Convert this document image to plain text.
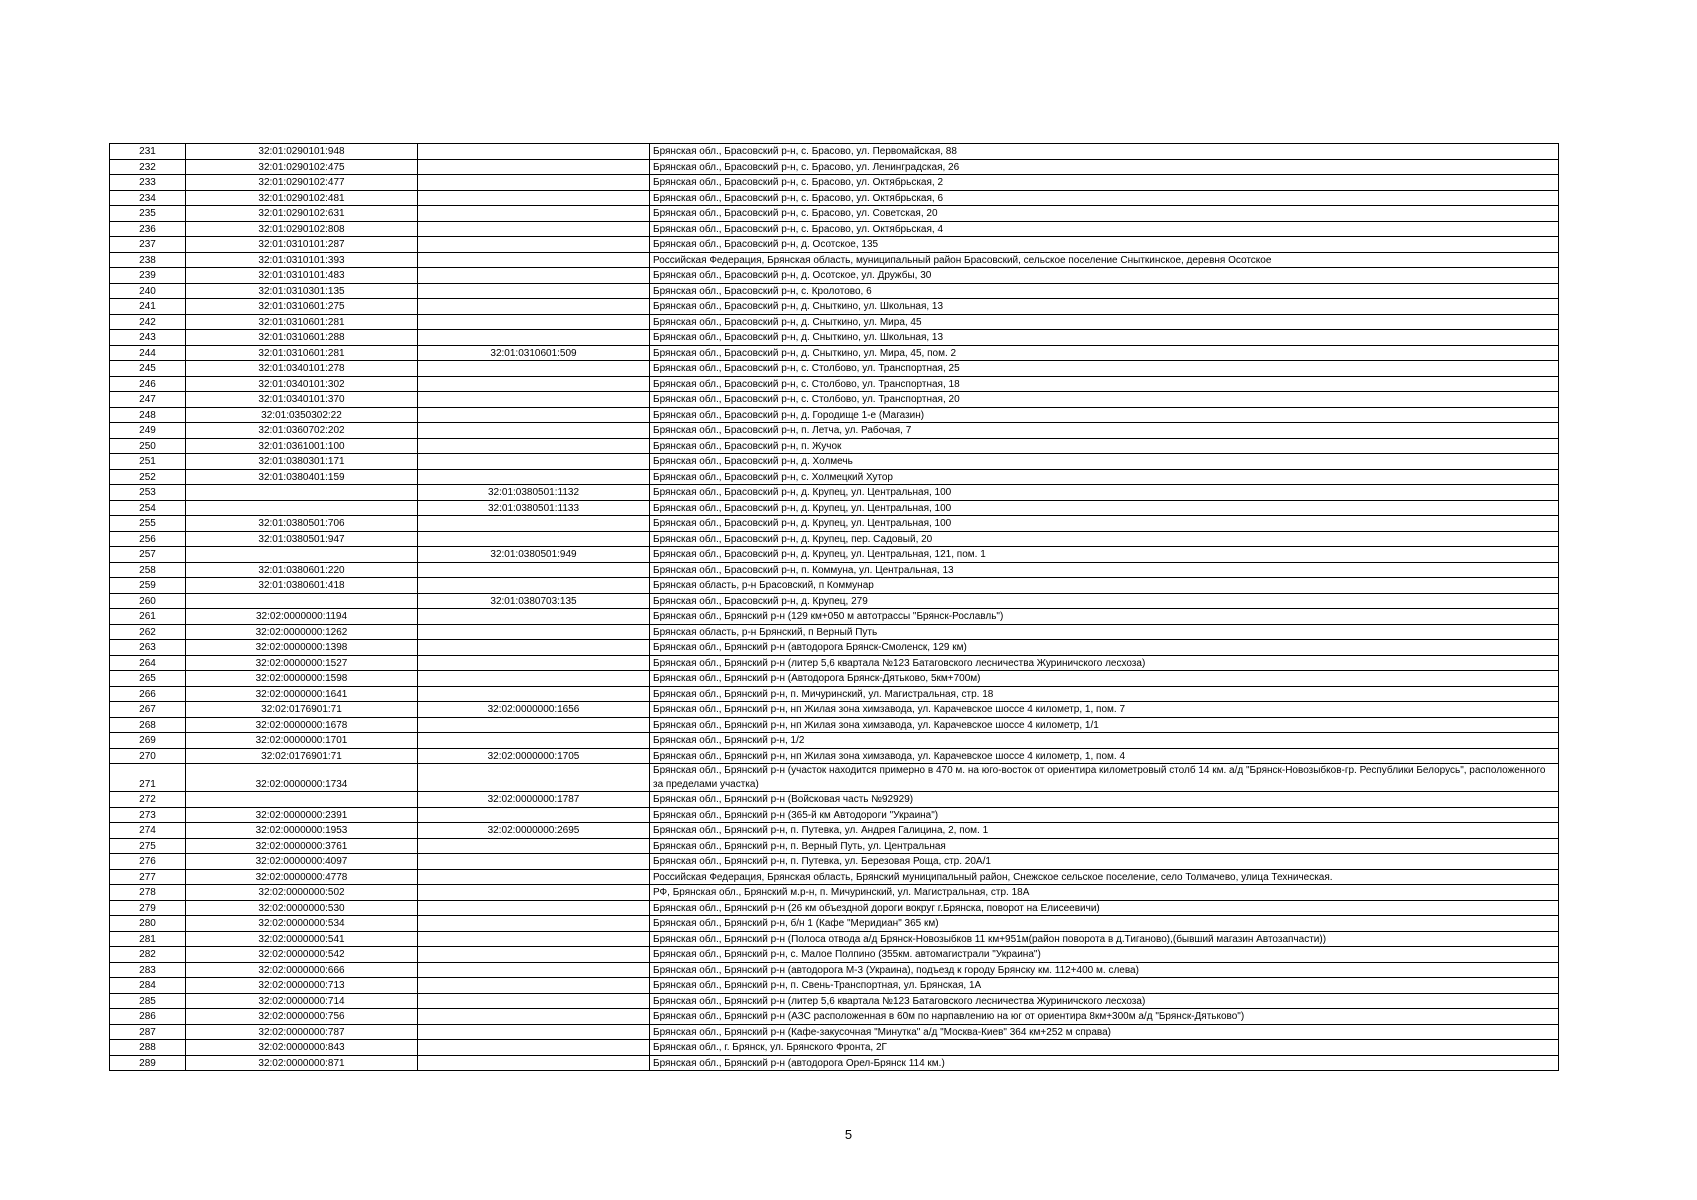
231	32:01:0290101:948		Брянская обл., Брасовский р-н, с. Брасово, ул. Первомайская, 88
232	32:01:0290102:475		Брянская обл., Брасовский р-н, с. Брасово, ул. Ленинградская, 26
233	32:01:0290102:477		Брянская обл., Брасовский р-н, с. Брасово, ул. Октябрьская, 2
234	32:01:0290102:481		Брянская обл., Брасовский р-н, с. Брасово, ул. Октябрьская, 6
235	32:01:0290102:631		Брянская обл., Брасовский р-н, с. Брасово, ул. Советская, 20
236	32:01:0290102:808		Брянская обл., Брасовский р-н, с. Брасово, ул. Октябрьская, 4
237	32:01:0310101:287		Брянская обл., Брасовский р-н, д. Осотское, 135
238	32:01:0310101:393		Российская Федерация, Брянская область, муниципальный район Брасовский, сельское поселение Сныткинское, деревня Осотское
239	32:01:0310101:483		Брянская обл., Брасовский р-н, д. Осотское, ул. Дружбы, 30
240	32:01:0310301:135		Брянская обл., Брасовский р-н, с. Кролотово, 6
241	32:01:0310601:275		Брянская обл., Брасовский р-н, д. Сныткино, ул. Школьная, 13
242	32:01:0310601:281		Брянская обл., Брасовский р-н, д. Сныткино, ул. Мира, 45
243	32:01:0310601:288		Брянская обл., Брасовский р-н, д. Сныткино, ул. Школьная, 13
244	32:01:0310601:281	32:01:0310601:509	Брянская обл., Брасовский р-н, д. Сныткино, ул. Мира, 45, пом. 2
245	32:01:0340101:278		Брянская обл., Брасовский р-н, с. Столбово, ул. Транспортная, 25
246	32:01:0340101:302		Брянская обл., Брасовский р-н, с. Столбово, ул. Транспортная, 18
247	32:01:0340101:370		Брянская обл., Брасовский р-н, с. Столбово, ул. Транспортная, 20
248	32:01:0350302:22		Брянская обл., Брасовский р-н, д. Городище 1-е (Магазин)
249	32:01:0360702:202		Брянская обл., Брасовский р-н, п. Летча, ул. Рабочая, 7
250	32:01:0361001:100		Брянская обл., Брасовский р-н, п. Жучок
251	32:01:0380301:171		Брянская обл., Брасовский р-н, д. Холмечь
252	32:01:0380401:159		Брянская обл., Брасовский р-н, с. Холмецкий Хутор
253		32:01:0380501:1132	Брянская обл., Брасовский р-н, д. Крупец, ул. Центральная, 100
254		32:01:0380501:1133	Брянская обл., Брасовский р-н, д. Крупец, ул. Центральная, 100
255	32:01:0380501:706		Брянская обл., Брасовский р-н, д. Крупец, ул. Центральная, 100
256	32:01:0380501:947		Брянская обл., Брасовский р-н, д. Крупец, пер. Садовый, 20
257		32:01:0380501:949	Брянская обл., Брасовский р-н, д. Крупец, ул. Центральная, 121, пом. 1
258	32:01:0380601:220		Брянская обл., Брасовский р-н, п. Коммуна, ул. Центральная, 13
259	32:01:0380601:418		Брянская область, р-н Брасовский, п Коммунар
260		32:01:0380703:135	Брянская обл., Брасовский р-н, д. Крупец, 279
261	32:02:0000000:1194		Брянская обл., Брянский р-н (129 км+050 м автотрассы "Брянск-Рославль")
262	32:02:0000000:1262		Брянская область, р-н Брянский, п Верный Путь
263	32:02:0000000:1398		Брянская обл., Брянский р-н (автодорога Брянск-Смоленск, 129 км)
264	32:02:0000000:1527		Брянская обл., Брянский р-н (литер 5,6 квартала №123 Батаговского лесничества Журиничского лесхоза)
265	32:02:0000000:1598		Брянская обл., Брянский р-н (Автодорога Брянск-Дятьково, 5км+700м)
266	32:02:0000000:1641		Брянская обл., Брянский р-н, п. Мичуринский, ул. Магистральная, стр. 18
267	32:02:0176901:71	32:02:0000000:1656	Брянская обл., Брянский р-н, нп Жилая зона химзавода, ул. Карачевское шоссе 4 километр, 1, пом. 7
268	32:02:0000000:1678		Брянская обл., Брянский р-н, нп Жилая зона химзавода, ул. Карачевское шоссе 4 километр, 1/1
269	32:02:0000000:1701		Брянская обл., Брянский р-н, 1/2
270	32:02:0176901:71	32:02:0000000:1705	Брянская обл., Брянский р-н, нп Жилая зона химзавода, ул. Карачевское шоссе 4 километр, 1, пом. 4
271	32:02:0000000:1734		Брянская обл., Брянский р-н (участок находится примерно в 470 м. на юго-восток от ориентира километровый столб 14 км. а/д "Брянск-Новозыбков-гр. Республики Белорусь", расположенного за пределами участка)
272		32:02:0000000:1787	Брянская обл., Брянский р-н (Войсковая часть №92929)
273	32:02:0000000:2391		Брянская обл., Брянский р-н (365-й км Автодороги "Украина")
274	32:02:0000000:1953	32:02:0000000:2695	Брянская обл., Брянский р-н, п. Путевка, ул. Андрея Галицина, 2, пом. 1
275	32:02:0000000:3761		Брянская обл., Брянский р-н, п. Верный Путь, ул. Центральная
276	32:02:0000000:4097		Брянская обл., Брянский р-н, п. Путевка, ул. Березовая Роща, стр. 20А/1
277	32:02:0000000:4778		Российская Федерация, Брянская область, Брянский муниципальный район, Снежское сельское поселение, село Толмачево, улица Техническая.
278	32:02:0000000:502		РФ, Брянская обл., Брянский м.р-н, п. Мичуринский, ул. Магистральная, стр. 18А
279	32:02:0000000:530		Брянская обл., Брянский р-н (26 км объездной дороги вокруг г.Брянска, поворот на Елисеевичи)
280	32:02:0000000:534		Брянская обл., Брянский р-н, б/н 1 (Кафе "Меридиан" 365 км)
281	32:02:0000000:541		Брянская обл., Брянский р-н (Полоса отвода а/д Брянск-Новозыбков 11 км+951м(район поворота в д.Тиганово),(бывший магазин Автозапчасти))
282	32:02:0000000:542		Брянская обл., Брянский р-н, с. Малое Полпино (355км. автомагистрали "Украина")
283	32:02:0000000:666		Брянская обл., Брянский р-н (автодорога М-3 (Украина), подъезд к городу Брянску км. 112+400 м. слева)
284	32:02:0000000:713		Брянская обл., Брянский р-н, п. Свень-Транспортная, ул. Брянская, 1А
285	32:02:0000000:714		Брянская обл., Брянский р-н (литер 5,6 квартала №123 Батаговского лесничества Журиничского лесхоза)
286	32:02:0000000:756		Брянская обл., Брянский р-н (АЗС расположенная в 60м по нарпавлению на юг от ориентира 8км+300м а/д "Брянск-Дятьково")
287	32:02:0000000:787		Брянская обл., Брянский р-н (Кафе-закусочная "Минутка" а/д "Москва-Киев" 364 км+252 м справа)
288	32:02:0000000:843		Брянская обл., г. Брянск, ул. Брянского Фронта, 2Г
289	32:02:0000000:871		Брянская обл., Брянский р-н (автодорога Орел-Брянск 114 км.)
5
